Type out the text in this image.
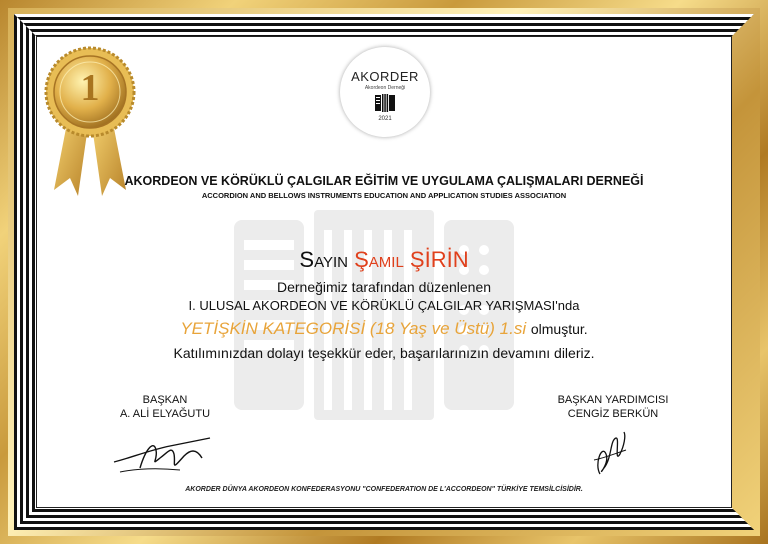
1	AKORDER
Akordeon Derneği
2021
AKORDEON VE KÖRÜKLÜ ÇALGILAR EĞİTİM VE UYGULAMA ÇALIŞMALARI DERNEĞİ
ACCORDION AND BELLOWS INSTRUMENTS EDUCATION AND APPLICATION STUDIES ASSOCIATION
Sayın Şamil ŞİRİN
Derneğimiz tarafından düzenlenen
I. ULUSAL AKORDEON VE KÖRÜKLÜ ÇALGILAR YARIŞMASI'nda
YETİŞKİN KATEGORİSİ (18 Yaş ve Üstü) 1.si olmuştur.
Katılımınızdan dolayı teşekkür eder, başarılarınızın devamını dileriz.
BAŞKAN
A. ALİ ELYAĞUTU
BAŞKAN YARDIMCISI
CENGİZ BERKÜN
AKORDER DÜNYA AKORDEON KONFEDERASYONU "CONFEDERATION DE L'ACCORDEON" TÜRKİYE TEMSİLCİSİDİR.
